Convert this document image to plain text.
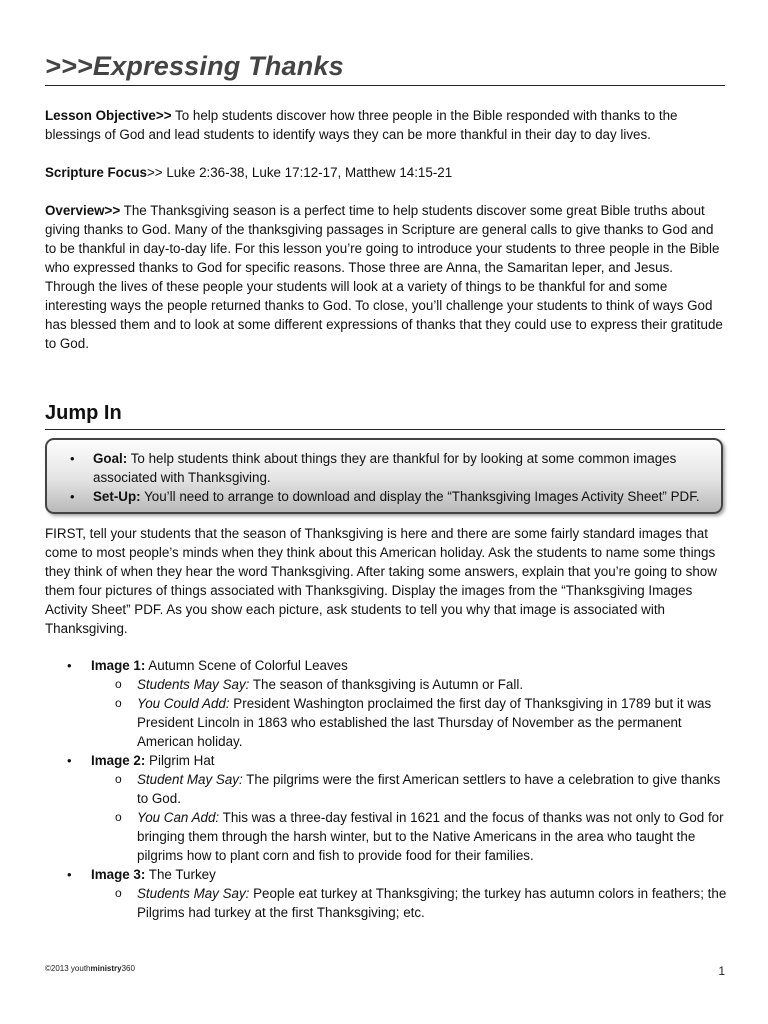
>>>Expressing Thanks

Lesson Objective>> To help students discover how three people in the Bible responded with thanks to the blessings of God and lead students to identify ways they can be more thankful in their day to day lives.

Scripture Focus>> Luke 2:36-38, Luke 17:12-17, Matthew 14:15-21

Overview>> The Thanksgiving season is a perfect time to help students discover some great Bible truths about giving thanks to God. Many of the thanksgiving passages in Scripture are general calls to give thanks to God and to be thankful in day-to-day life. For this lesson you’re going to introduce your students to three people in the Bible who expressed thanks to God for specific reasons. Those three are Anna, the Samaritan leper, and Jesus. Through the lives of these people your students will look at a variety of things to be thankful for and some interesting ways the people returned thanks to God. To close, you’ll challenge your students to think of ways God has blessed them and to look at some different expressions of thanks that they could use to express their gratitude to God.

Jump In
• Goal: To help students think about things they are thankful for by looking at some common images associated with Thanksgiving.
• Set-Up: You’ll need to arrange to download and display the “Thanksgiving Images Activity Sheet” PDF.

FIRST, tell your students that the season of Thanksgiving is here and there are some fairly standard images that come to most people’s minds when they think about this American holiday. Ask the students to name some things they think of when they hear the word Thanksgiving. After taking some answers, explain that you’re going to show them four pictures of things associated with Thanksgiving. Display the images from the “Thanksgiving Images Activity Sheet” PDF. As you show each picture, ask students to tell you why that image is associated with Thanksgiving.

• Image 1: Autumn Scene of Colorful Leaves
o Students May Say: The season of thanksgiving is Autumn or Fall.
o You Could Add: President Washington proclaimed the first day of Thanksgiving in 1789 but it was President Lincoln in 1863 who established the last Thursday of November as the permanent American holiday.
• Image 2: Pilgrim Hat
o Student May Say: The pilgrims were the first American settlers to have a celebration to give thanks to God.
o You Can Add: This was a three-day festival in 1621 and the focus of thanks was not only to God for bringing them through the harsh winter, but to the Native Americans in the area who taught the pilgrims how to plant corn and fish to provide food for their families.
• Image 3: The Turkey
o Students May Say: People eat turkey at Thanksgiving; the turkey has autumn colors in feathers; the Pilgrims had turkey at the first Thanksgiving; etc.
©2013 youthministry360	1
